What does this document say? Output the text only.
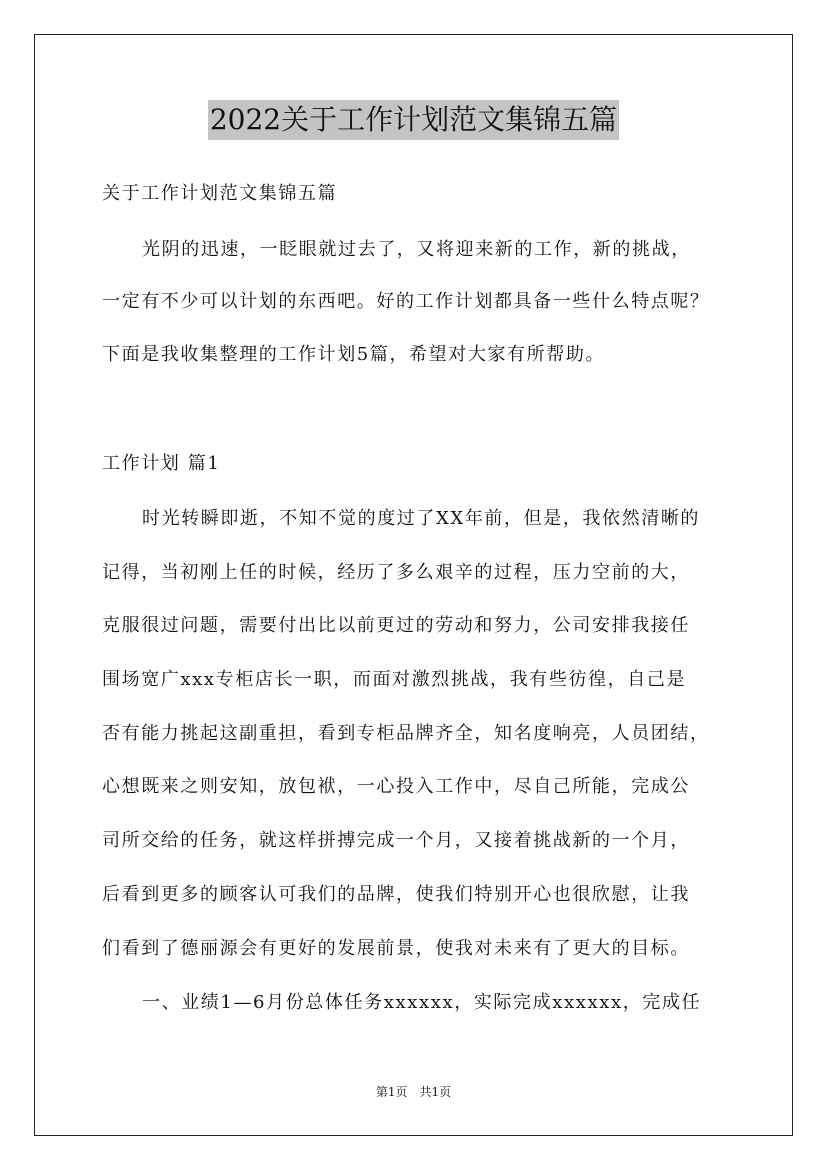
2022关于工作计划范文集锦五篇
关于工作计划范文集锦五篇
光阴的迅速，一眨眼就过去了，又将迎来新的工作，新的挑战，
一定有不少可以计划的东西吧。好的工作计划都具备一些什么特点呢？
下面是我收集整理的工作计划5篇，希望对大家有所帮助。
工作计划 篇1
时光转瞬即逝，不知不觉的度过了XX年前，但是，我依然清晰的
记得，当初刚上任的时候，经历了多么艰辛的过程，压力空前的大，
克服很过问题，需要付出比以前更过的劳动和努力，公司安排我接任
围场宽广xxx专柜店长一职，而面对激烈挑战，我有些彷徨，自己是
否有能力挑起这副重担，看到专柜品牌齐全，知名度响亮，人员团结，
心想既来之则安知，放包袱，一心投入工作中，尽自己所能，完成公
司所交给的任务，就这样拼搏完成一个月，又接着挑战新的一个月，
后看到更多的顾客认可我们的品牌，使我们特别开心也很欣慰，让我
们看到了德丽源会有更好的发展前景，使我对未来有了更大的目标。
一、业绩1—6月份总体任务xxxxxx，实际完成xxxxxx，完成任
第1页　共1页
